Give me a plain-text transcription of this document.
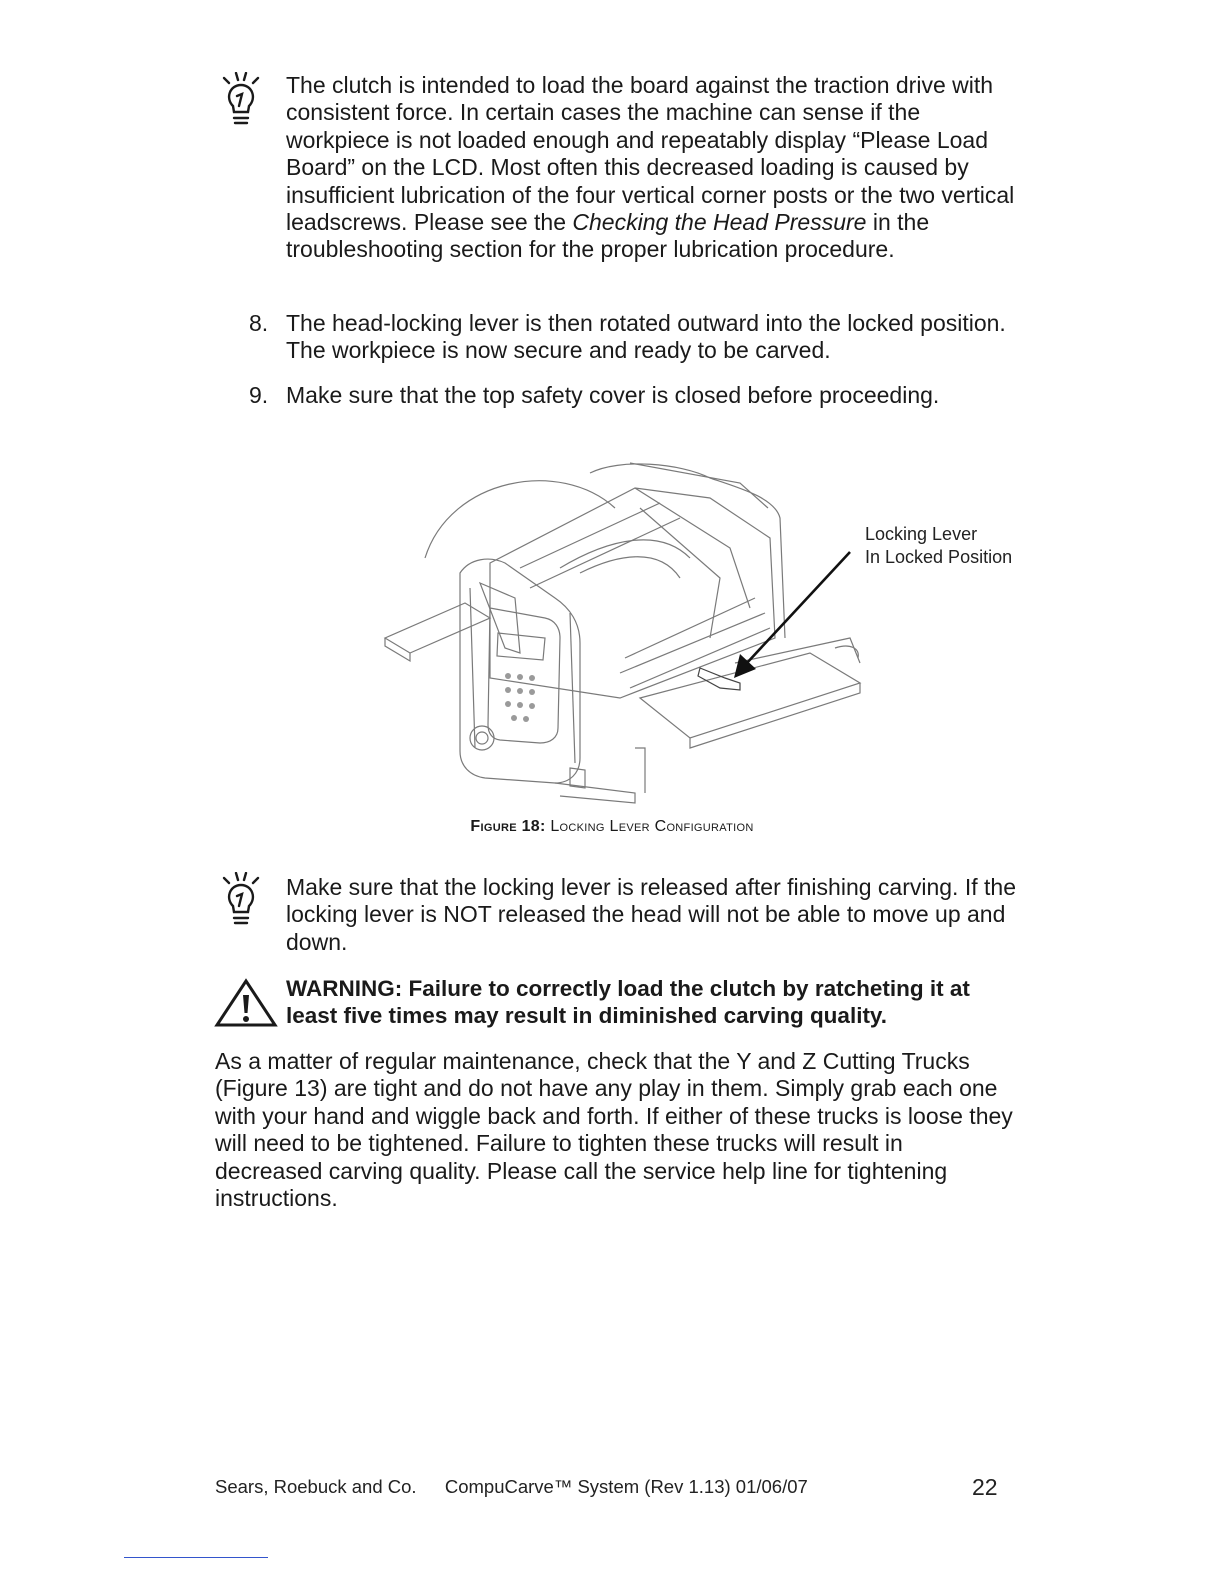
The clutch is intended to load the board against the traction drive with consistent force. In certain cases the machine can sense if the workpiece is not loaded enough and repeatably display “Please Load Board” on the LCD. Most often this decreased loading is caused by insufficient lubrication of the four vertical corner posts or the two vertical leadscrews. Please see the Checking the Head Pressure in the troubleshooting section for the proper lubrication procedure.
8. The head-locking lever is then rotated outward into the locked position. The workpiece is now secure and ready to be carved.
9. Make sure that the top safety cover is closed before proceeding.
Locking Lever
In Locked Position
Figure 18: Locking Lever Configuration
Make sure that the locking lever is released after finishing carving. If the locking lever is NOT released the head will not be able to move up and down.
WARNING: Failure to correctly load the clutch by ratcheting it at least five times may result in diminished carving quality.
As a matter of regular maintenance, check that the Y and Z Cutting Trucks (Figure 13) are tight and do not have any play in them. Simply grab each one with your hand and wiggle back and forth. If either of these trucks is loose they will need to be tightened. Failure to tighten these trucks will result in decreased carving quality. Please call the service help line for tightening instructions.
Sears, Roebuck and Co. CompuCarve™ System (Rev 1.13) 01/06/07	22
